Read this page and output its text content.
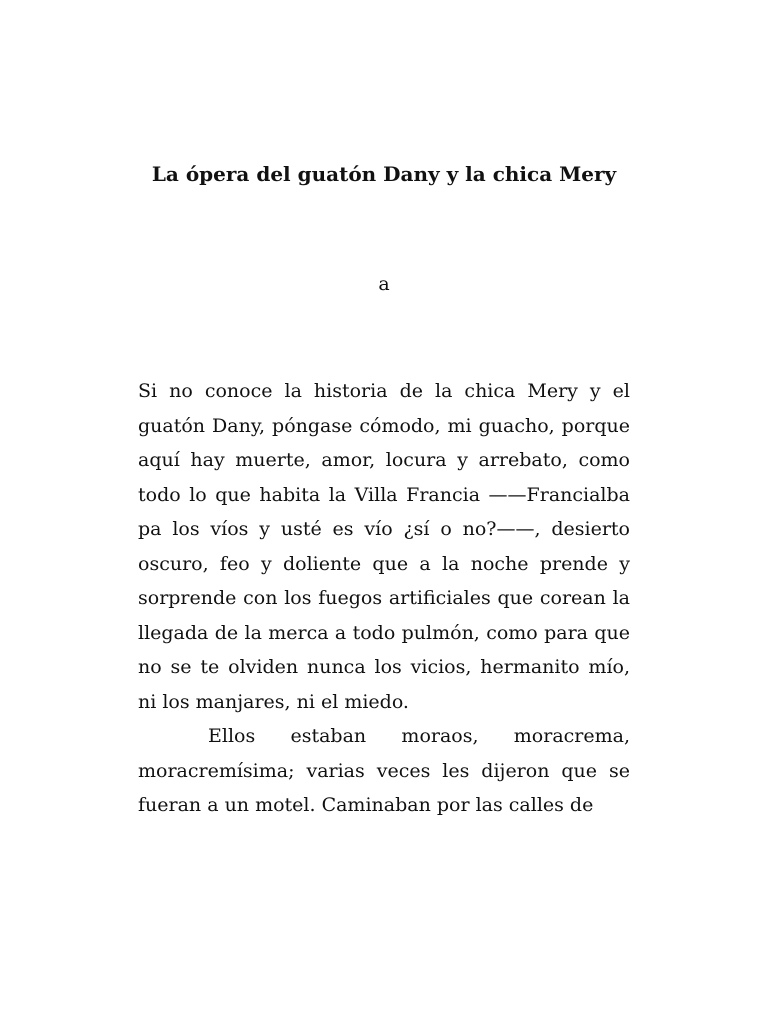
La ópera del guatón Dany y la chica Mery

a

Si no conoce la historia de la chica Mery y el guatón Dany, póngase cómodo, mi guacho, porque aquí hay muerte, amor, locura y arrebato, como todo lo que habita la Villa Francia ——Francialba pa los víos y usté es vío ¿sí o no?——, desierto oscuro, feo y doliente que a la noche prende y sorprende con los fuegos artificiales que corean la llegada de la merca a todo pulmón, como para que no se te olviden nunca los vicios, hermanito mío, ni los manjares, ni el miedo.

Ellos estaban moraos, moracrema, moracremísima; varias veces les dijeron que se fueran a un motel. Caminaban por las calles de
